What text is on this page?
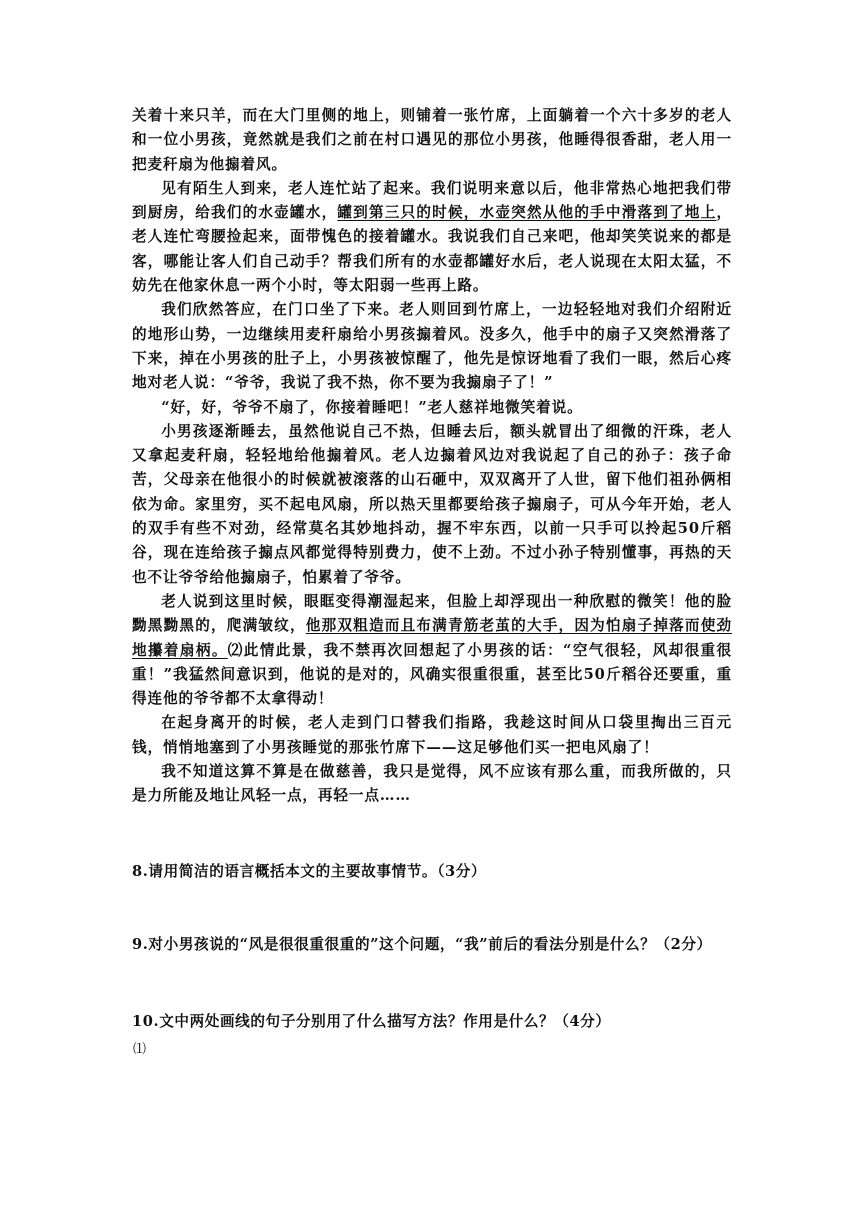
关着十来只羊，而在大门里侧的地上，则铺着一张竹席，上面躺着一个六十多岁的老人和一位小男孩，竟然就是我们之前在村口遇见的那位小男孩，他睡得很香甜，老人用一把麦秆扇为他搧着风。

见有陌生人到来，老人连忙站了起来。我们说明来意以后，他非常热心地把我们带到厨房，给我们的水壶罐水，罐到第三只的时候，水壶突然从他的手中滑落到了地上，老人连忙弯腰捡起来，面带愧色的接着罐水。我说我们自己来吧，他却笑笑说来的都是客，哪能让客人们自己动手？帮我们所有的水壶都罐好水后，老人说现在太阳太猛，不妨先在他家休息一两个小时，等太阳弱一些再上路。

我们欣然答应，在门口坐了下来。老人则回到竹席上，一边轻轻地对我们介绍附近的地形山势，一边继续用麦秆扇给小男孩搧着风。没多久，他手中的扇子又突然滑落了下来，掉在小男孩的肚子上，小男孩被惊醒了，他先是惊讶地看了我们一眼，然后心疼地对老人说：“爷爷，我说了我不热，你不要为我搧扇子了！”

“好，好，爷爷不扇了，你接着睡吧！”老人慈祥地微笑着说。

小男孩逐渐睡去，虽然他说自己不热，但睡去后，额头就冒出了细微的汗珠，老人又拿起麦秆扇，轻轻地给他搧着风。老人边搧着风边对我说起了自己的孙子：孩子命苦，父母亲在他很小的时候就被滚落的山石砸中，双双离开了人世，留下他们祖孙俩相依为命。家里穷，买不起电风扇，所以热天里都要给孩子搧扇子，可从今年开始，老人的双手有些不对劲，经常莫名其妙地抖动，握不牢东西，以前一只手可以拎起50斤稻谷，现在连给孩子搧点风都觉得特别费力，使不上劲。不过小孙子特别懂事，再热的天也不让爷爷给他搧扇子，怕累着了爷爷。

老人说到这里时候，眼眶变得潮湿起来，但脸上却浮现出一种欣慰的微笑！他的脸黝黑黝黑的，爬满皱纹，他那双粗造而且布满青筋老茧的大手，因为怕扇子掉落而使劲地攥着扇柄。⑵此情此景，我不禁再次回想起了小男孩的话：“空气很轻，风却很重很重！”我猛然间意识到，他说的是对的，风确实很重很重，甚至比50斤稻谷还要重，重得连他的爷爷都不太拿得动！

在起身离开的时候，老人走到门口替我们指路，我趁这时间从口袋里掏出三百元钱，悄悄地塞到了小男孩睡觉的那张竹席下——这足够他们买一把电风扇了！

我不知道这算不算是在做慈善，我只是觉得，风不应该有那么重，而我所做的，只是力所能及地让风轻一点，再轻一点……

8.请用简洁的语言概括本文的主要故事情节。（3分）

9.对小男孩说的“风是很很重很重的”这个问题，“我”前后的看法分别是什么？（2分）

10.文中两处画线的句子分别用了什么描写方法？作用是什么？（4分）

⑴
